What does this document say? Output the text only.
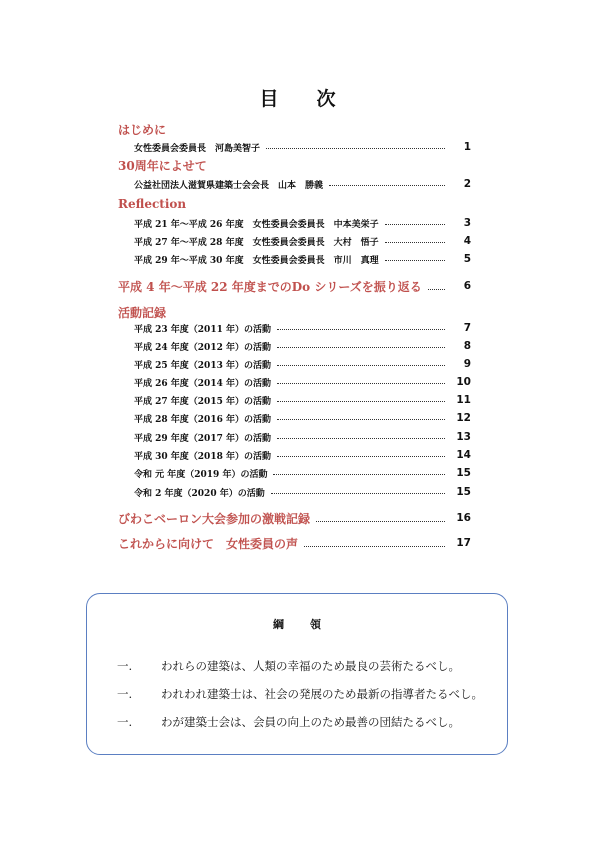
目 次
はじめに
女性委員会委員長　河島美智子	1
30周年によせて
公益社団法人滋賀県建築士会会長　山本　勝義	2
Reflection
平成 21 年～平成 26 年度　女性委員会委員長　中本美栄子	3
平成 27 年～平成 28 年度　女性委員会委員長　大村　悟子	4
平成 29 年～平成 30 年度　女性委員会委員長　市川　真理	5
平成 4 年～平成 22 年度までのDo シリーズを振り返る	6
活動記録
平成 23 年度（2011 年）の活動	7
平成 24 年度（2012 年）の活動	8
平成 25 年度（2013 年）の活動	9
平成 26 年度（2014 年）の活動	10
平成 27 年度（2015 年）の活動	11
平成 28 年度（2016 年）の活動	12
平成 29 年度（2017 年）の活動	13
平成 30 年度（2018 年）の活動	14
令和 元 年度（2019 年）の活動	15
令和 2 年度（2020 年）の活動	15
びわこベーロン大会参加の激戦記録	16
これからに向けて　女性委員の声	17
綱 領
一.	われらの建築は、人類の幸福のため最良の芸術たるべし。
一.	われわれ建築士は、社会の発展のため最新の指導者たるべし。
一.	わが建築士会は、会員の向上のため最善の団結たるべし。
